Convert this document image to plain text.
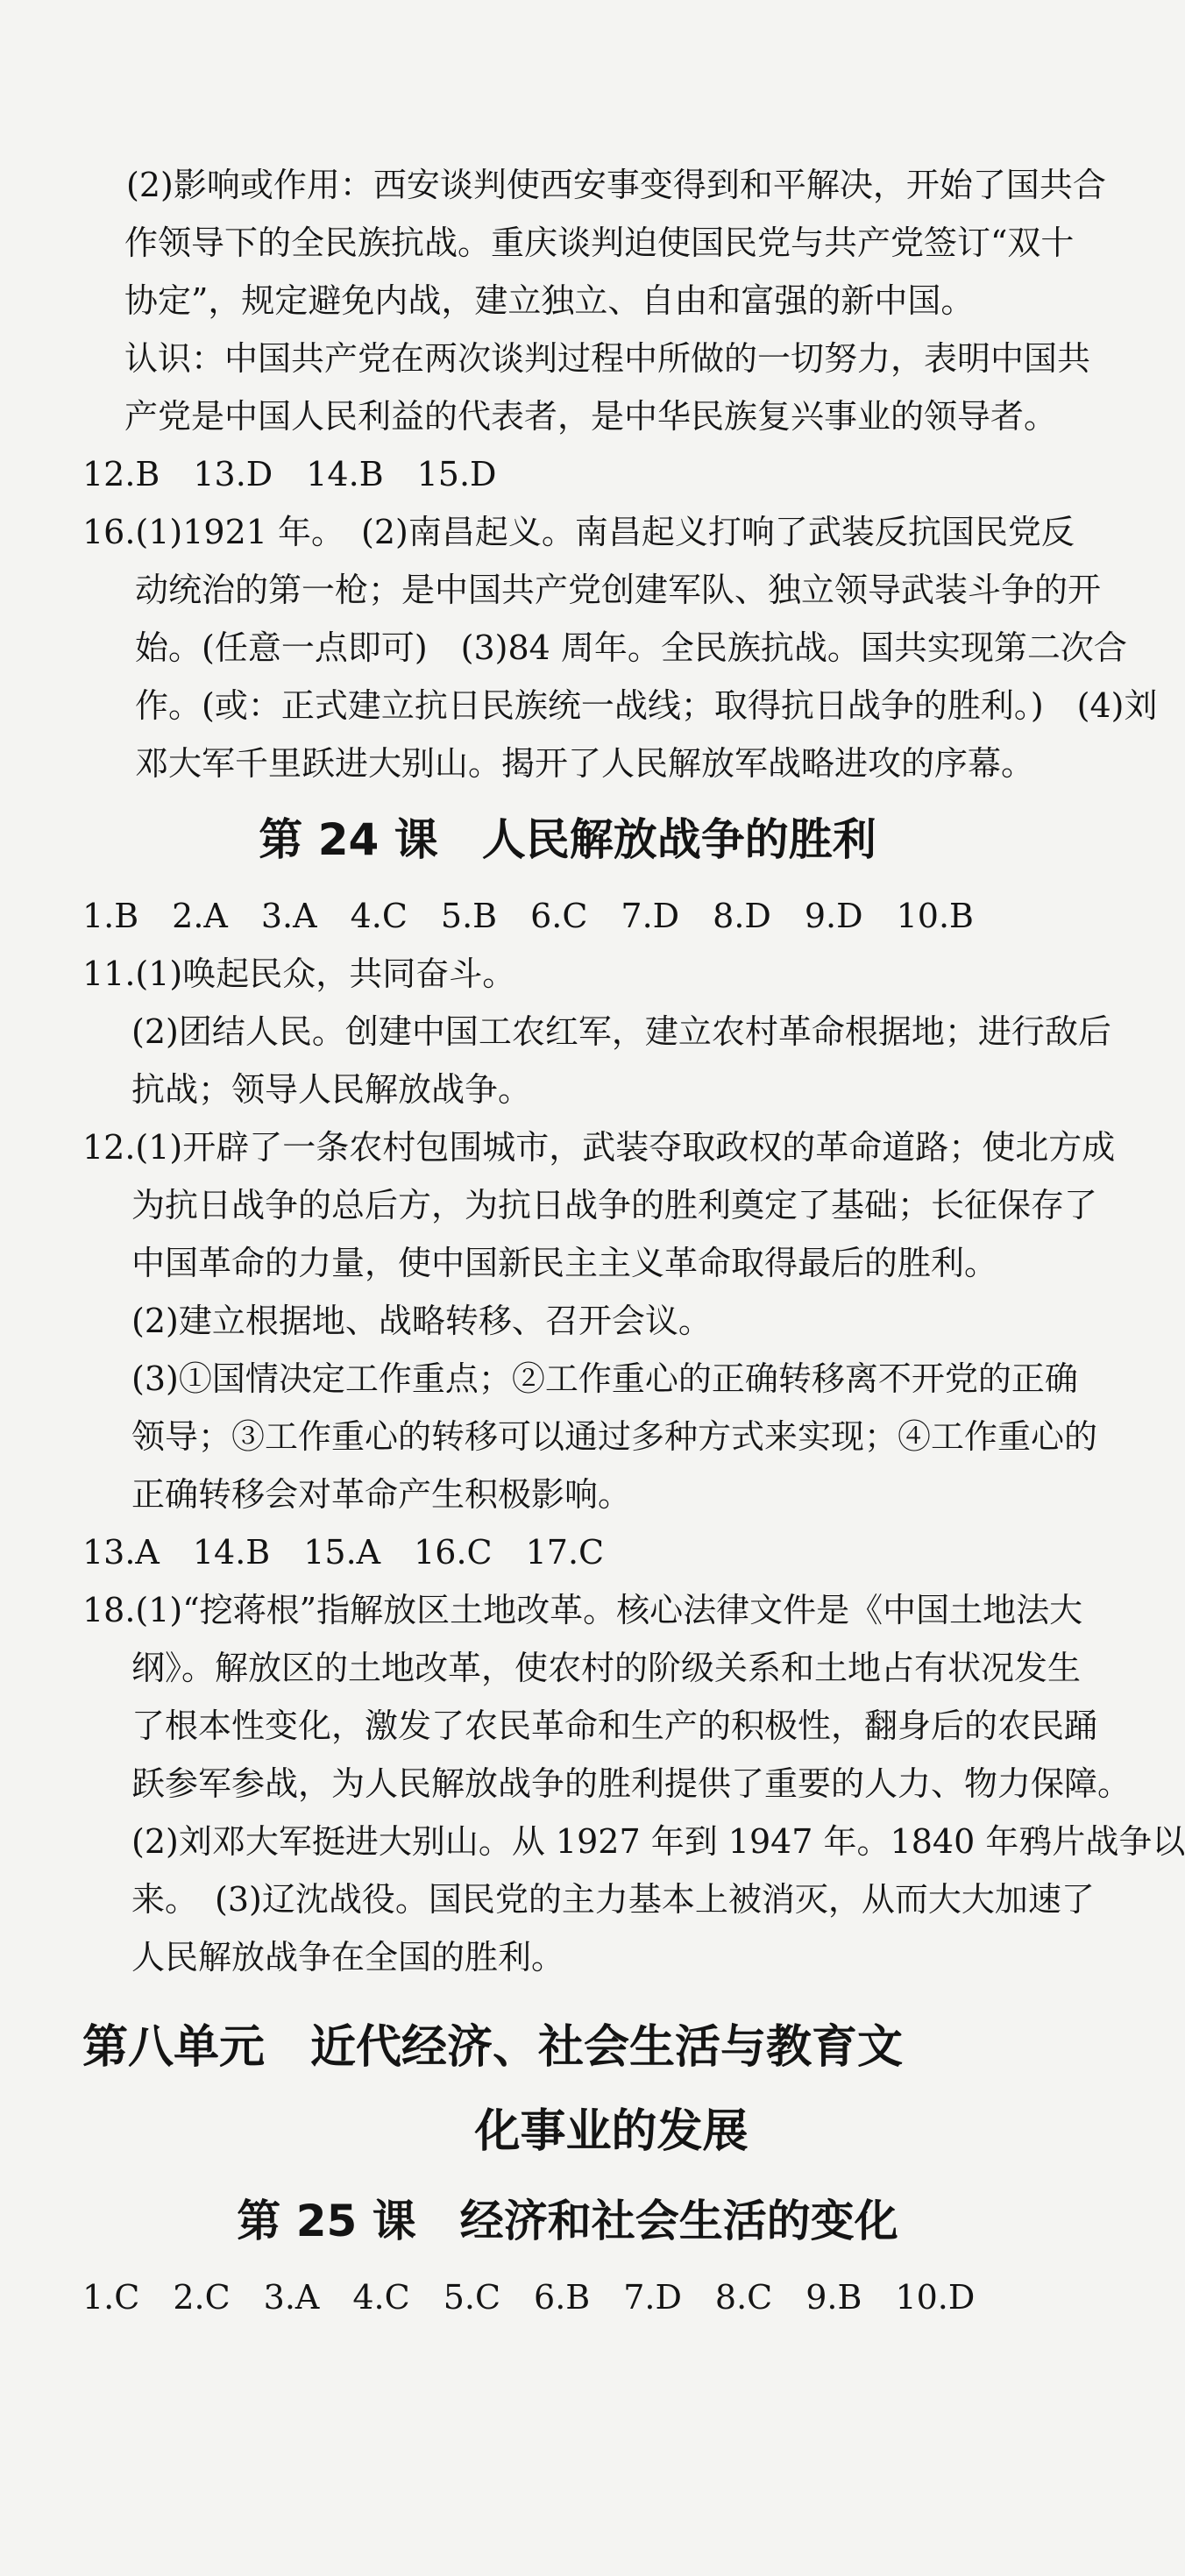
(2)影响或作用：西安谈判使西安事变得到和平解决，开始了国共合
作领导下的全民族抗战。重庆谈判迫使国民党与共产党签订“双十
协定”，规定避免内战，建立独立、自由和富强的新中国。
认识：中国共产党在两次谈判过程中所做的一切努力，表明中国共
产党是中国人民利益的代表者，是中华民族复兴事业的领导者。
12.B　13.D　14.B　15.D
16.(1)1921 年。　(2)南昌起义。南昌起义打响了武装反抗国民党反
动统治的第一枪；是中国共产党创建军队、独立领导武装斗争的开
始。(任意一点即可)　(3)84 周年。全民族抗战。国共实现第二次合
作。(或：正式建立抗日民族统一战线；取得抗日战争的胜利。)　(4)刘
邓大军千里跃进大别山。揭开了人民解放军战略进攻的序幕。
第 24 课　人民解放战争的胜利
1.B　2.A　3.A　4.C　5.B　6.C　7.D　8.D　9.D　10.B
11.(1)唤起民众，共同奋斗。
(2)团结人民。创建中国工农红军，建立农村革命根据地；进行敌后
抗战；领导人民解放战争。
12.(1)开辟了一条农村包围城市，武装夺取政权的革命道路；使北方成
为抗日战争的总后方，为抗日战争的胜利奠定了基础；长征保存了
中国革命的力量，使中国新民主主义革命取得最后的胜利。
(2)建立根据地、战略转移、召开会议。
(3)①国情决定工作重点；②工作重心的正确转移离不开党的正确
领导；③工作重心的转移可以通过多种方式来实现；④工作重心的
正确转移会对革命产生积极影响。
13.A　14.B　15.A　16.C　17.C
18.(1)“挖蒋根”指解放区土地改革。核心法律文件是《中国土地法大
纲》。解放区的土地改革，使农村的阶级关系和土地占有状况发生
了根本性变化，激发了农民革命和生产的积极性，翻身后的农民踊
跃参军参战，为人民解放战争的胜利提供了重要的人力、物力保障。
(2)刘邓大军挺进大别山。从 1927 年到 1947 年。1840 年鸦片战争以
来。　(3)辽沈战役。国民党的主力基本上被消灭，从而大大加速了
人民解放战争在全国的胜利。
第八单元　近代经济、社会生活与教育文
化事业的发展
第 25 课　经济和社会生活的变化
1.C　2.C　3.A　4.C　5.C　6.B　7.D　8.C　9.B　10.D
